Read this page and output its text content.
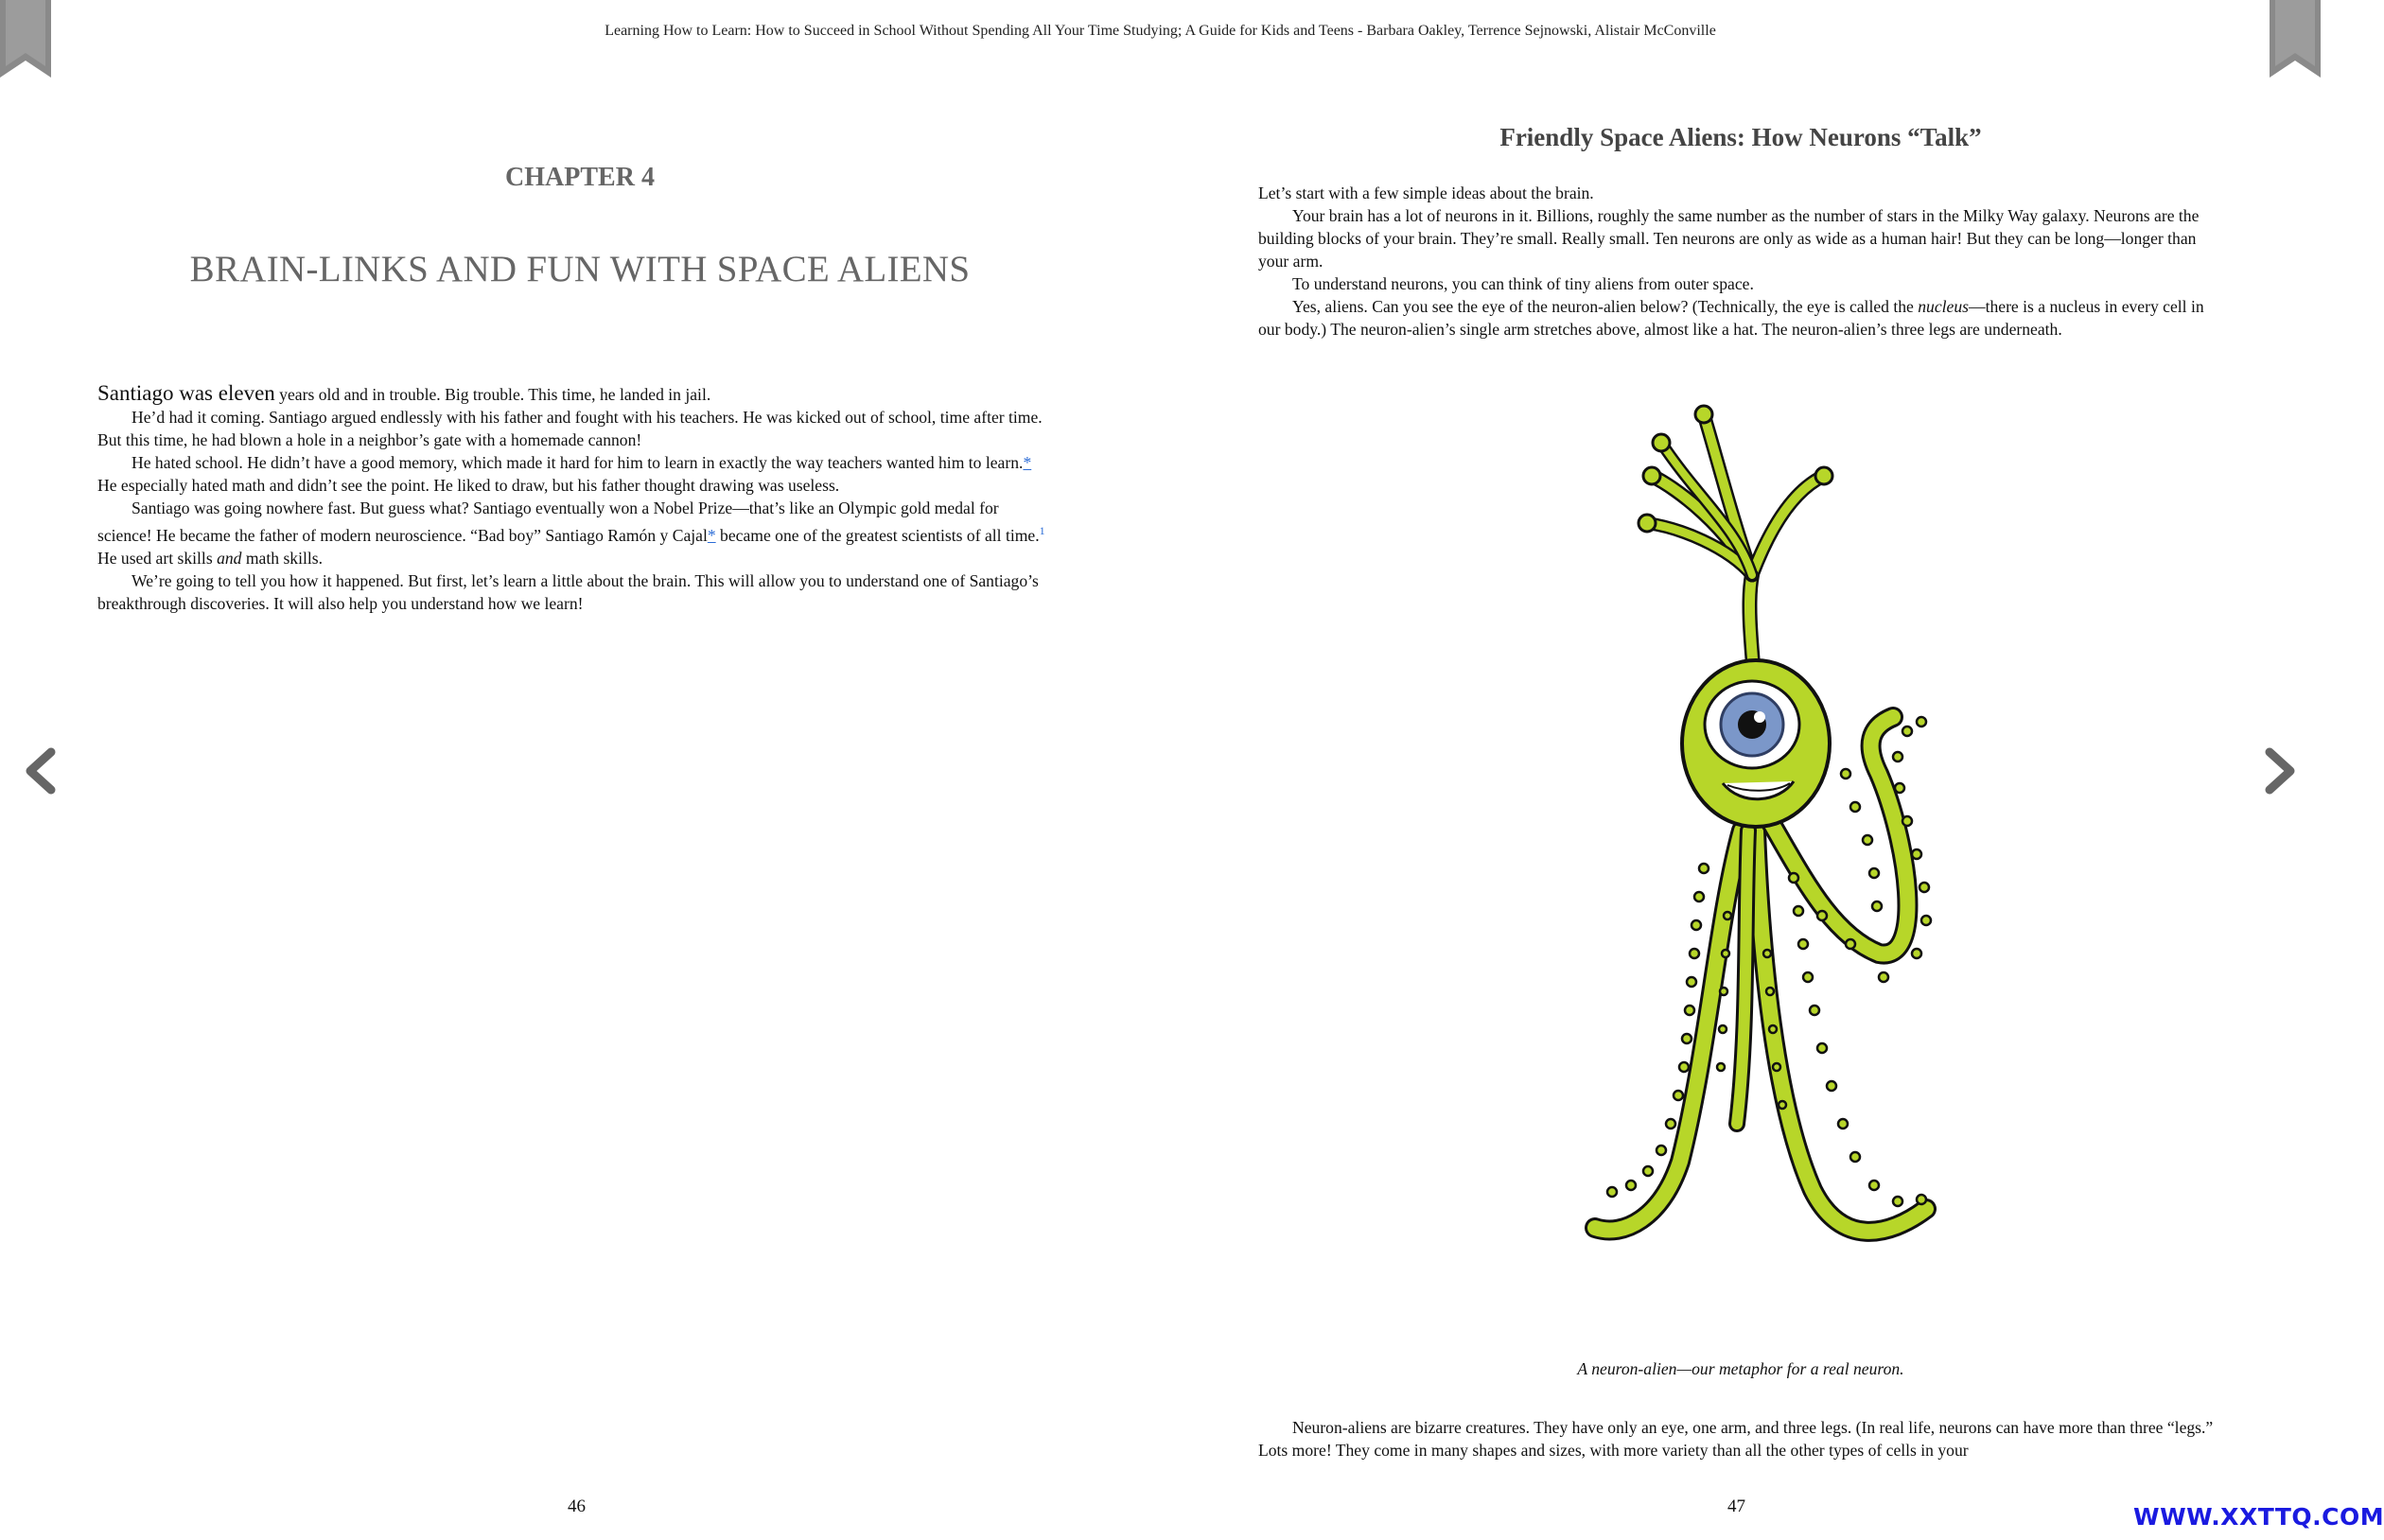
Learning How to Learn: How to Succeed in School Without Spending All Your Time Studying; A Guide for Kids and Teens - Barbara Oakley, Terrence Sejnowski, Alistair McConville
CHAPTER 4
BRAIN-LINKS AND FUN WITH SPACE ALIENS

Santiago was eleven years old and in trouble. Big trouble. This time, he landed in jail.

He’d had it coming. Santiago argued endlessly with his father and fought with his teachers. He was kicked out of school, time after time. But this time, he had blown a hole in a neighbor’s gate with a homemade cannon!

He hated school. He didn’t have a good memory, which made it hard for him to learn in exactly the way teachers wanted him to learn.* He especially hated math and didn’t see the point. He liked to draw, but his father thought drawing was useless.

Santiago was going nowhere fast. But guess what? Santiago eventually won a Nobel Prize—that’s like an Olympic gold medal for science! He became the father of modern neuroscience. “Bad boy” Santiago Ramón y Cajal* became one of the greatest scientists of all time.$^1$ He used art skills and math skills.

We’re going to tell you how it happened. But first, let’s learn a little about the brain. This will allow you to understand one of Santiago’s breakthrough discoveries. It will also help you understand how we learn!

46
Friendly Space Aliens: How Neurons “Talk”

Let’s start with a few simple ideas about the brain.

Your brain has a lot of neurons in it. Billions, roughly the same number as the number of stars in the Milky Way galaxy. Neurons are the building blocks of your brain. They’re small. Really small. Ten neurons are only as wide as a human hair! But they can be long—longer than your arm.

To understand neurons, you can think of tiny aliens from outer space.

Yes, aliens. Can you see the eye of the neuron-alien below? (Technically, the eye is called the nucleus—there is a nucleus in every cell in our body.) The neuron-alien’s single arm stretches above, almost like a hat. The neuron-alien’s three legs are underneath.

A neuron-alien—our metaphor for a real neuron.

Neuron-aliens are bizarre creatures. They have only an eye, one arm, and three legs. (In real life, neurons can have more than three “legs.” Lots more! They come in many shapes and sizes, with more variety than all the other types of cells in your

47	WWW.XXTTQ.COM
